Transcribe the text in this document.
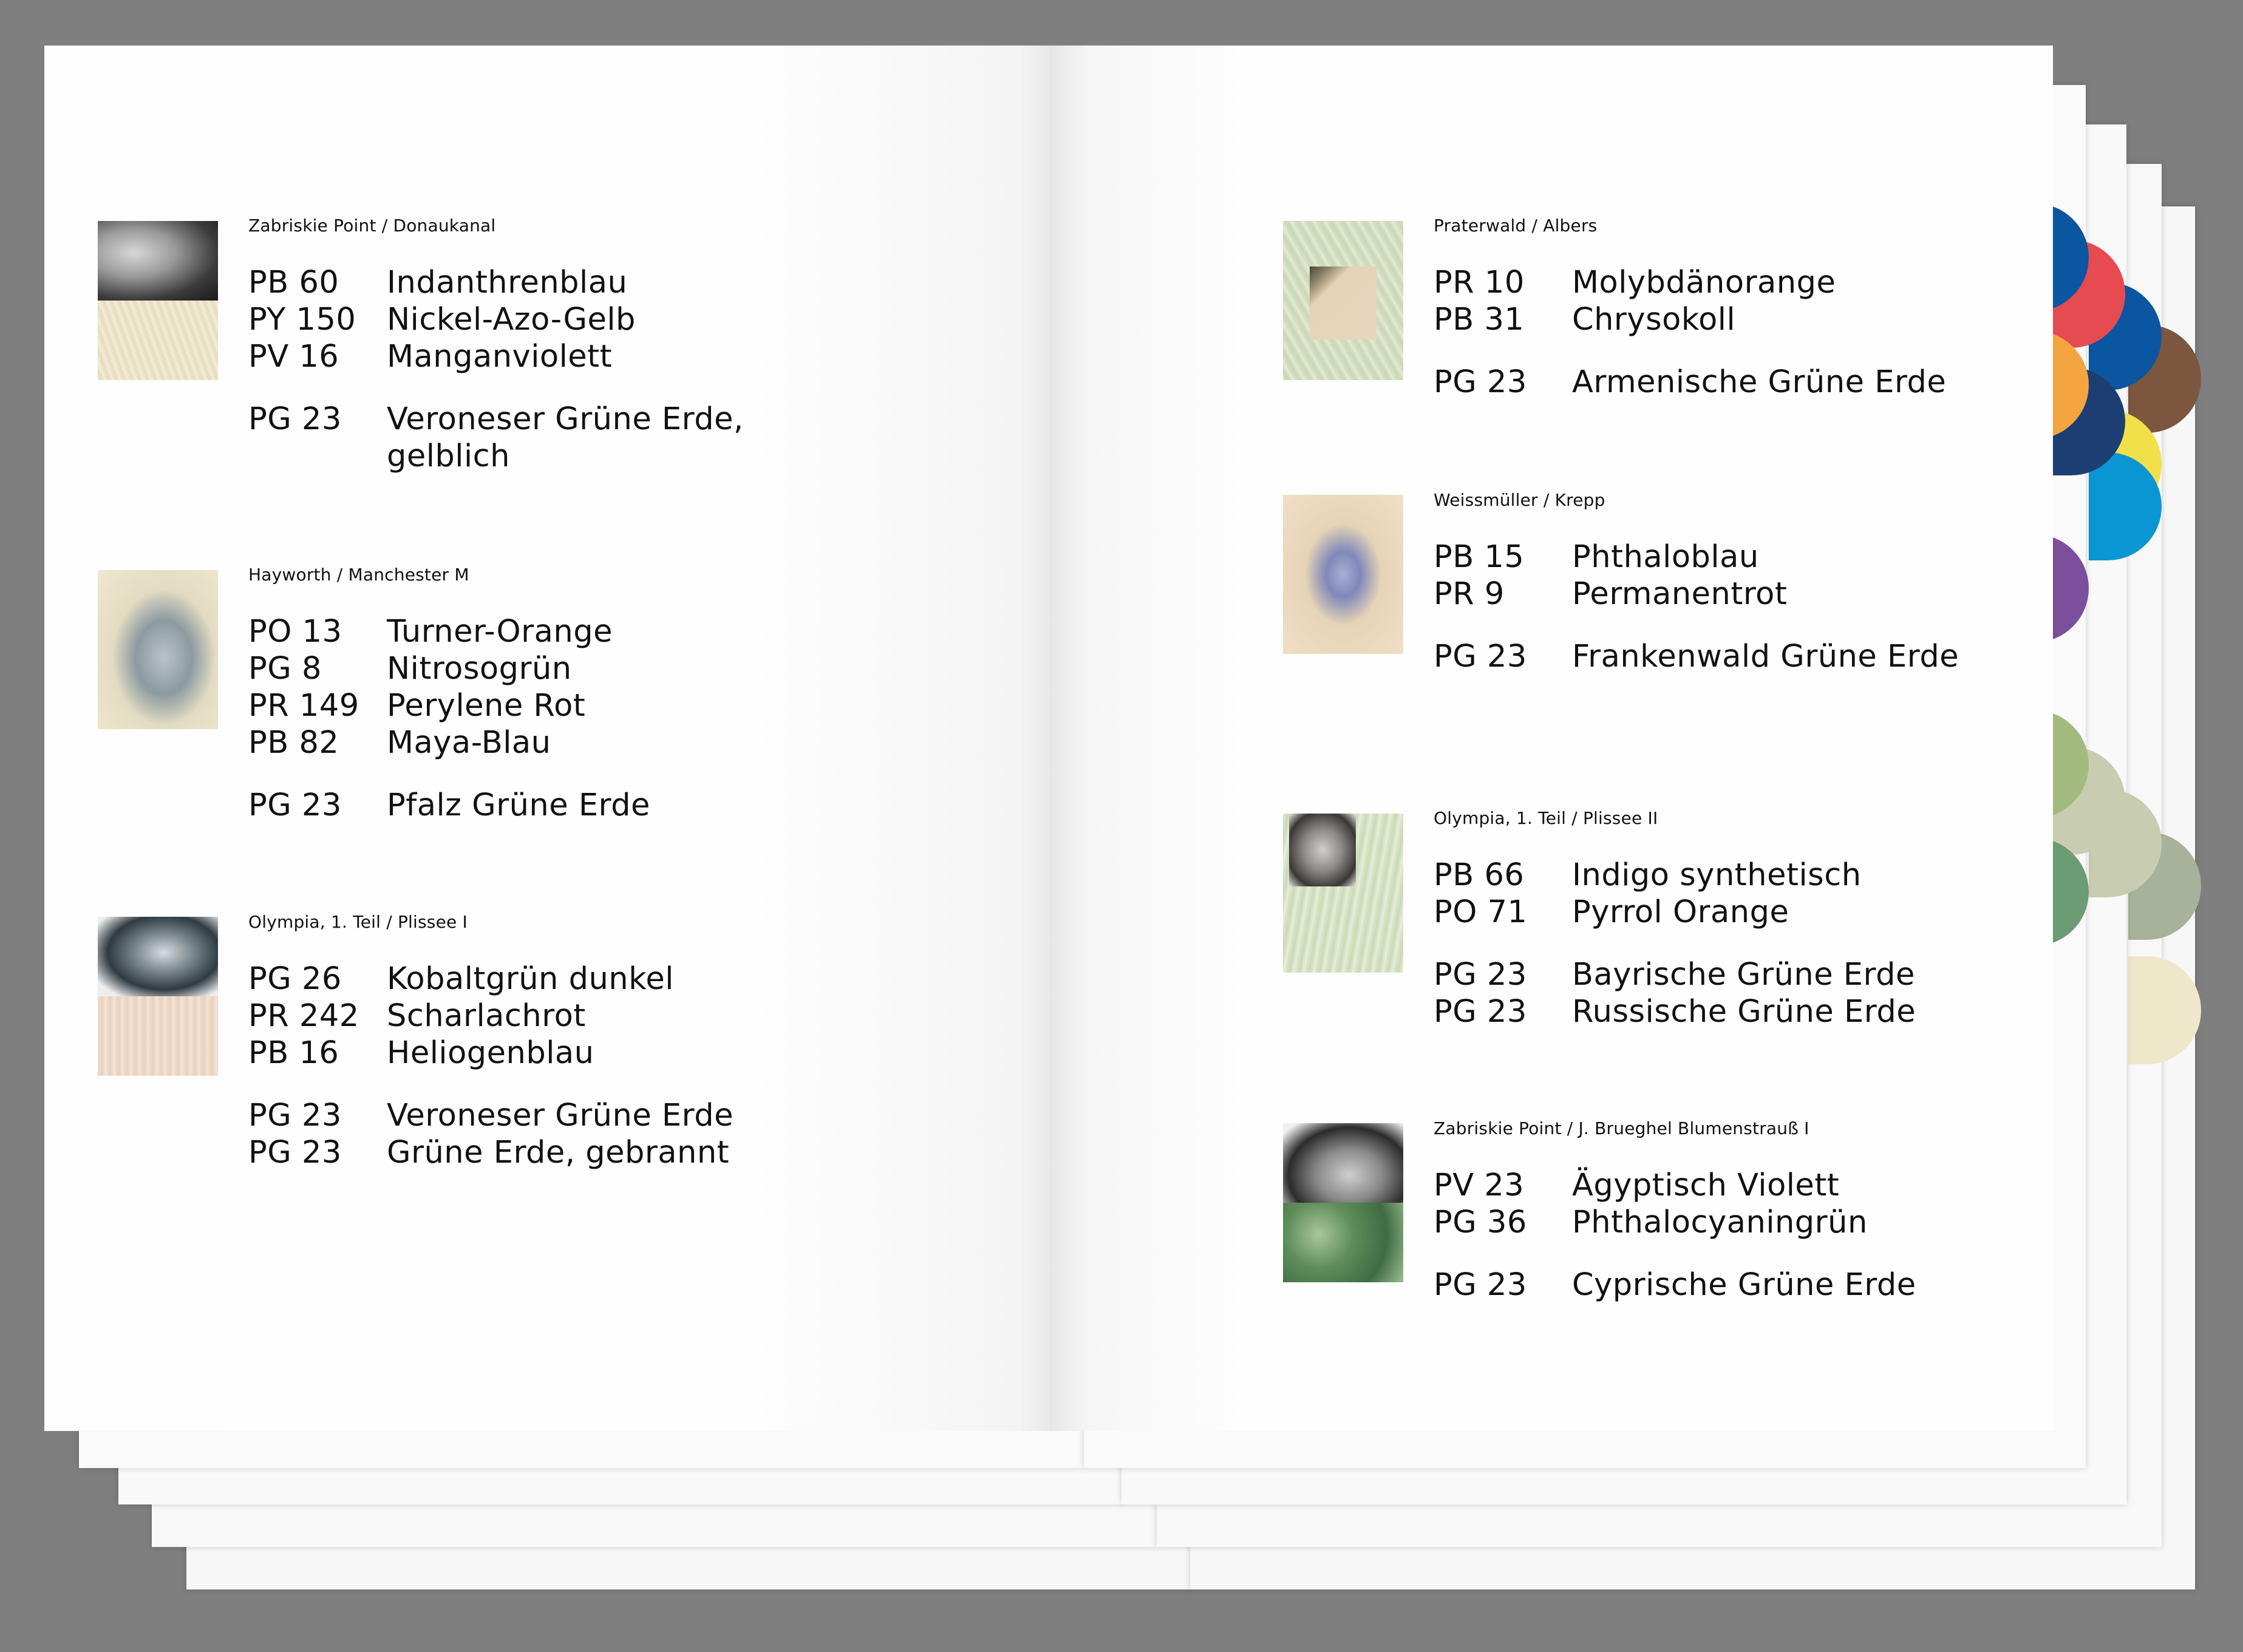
Zabriskie Point / Donaukanal
PB 60 Indanthrenblau
PY 150 Nickel-Azo-Gelb
PV 16 Manganviolett
PG 23 Veroneser Grüne Erde,
gelblich
Hayworth / Manchester M
PO 13 Turner-Orange
PG 8 Nitrosogrün
PR 149 Perylene Rot
PB 82 Maya-Blau
PG 23 Pfalz Grüne Erde
Olympia, 1. Teil / Plissee I
PG 26 Kobaltgrün dunkel
PR 242 Scharlachrot
PB 16 Heliogenblau
PG 23 Veroneser Grüne Erde
PG 23 Grüne Erde, gebrannt
Praterwald / Albers
PR 10 Molybdänorange
PB 31 Chrysokoll
PG 23 Armenische Grüne Erde
Weissmüller / Krepp
PB 15 Phthaloblau
PR 9 Permanentrot
PG 23 Frankenwald Grüne Erde
Olympia, 1. Teil / Plissee II
PB 66 Indigo synthetisch
PO 71 Pyrrol Orange
PG 23 Bayrische Grüne Erde
PG 23 Russische Grüne Erde
Zabriskie Point / J. Brueghel Blumenstrauß I
PV 23 Ägyptisch Violett
PG 36 Phthalocyaningrün
PG 23 Cyprische Grüne Erde
